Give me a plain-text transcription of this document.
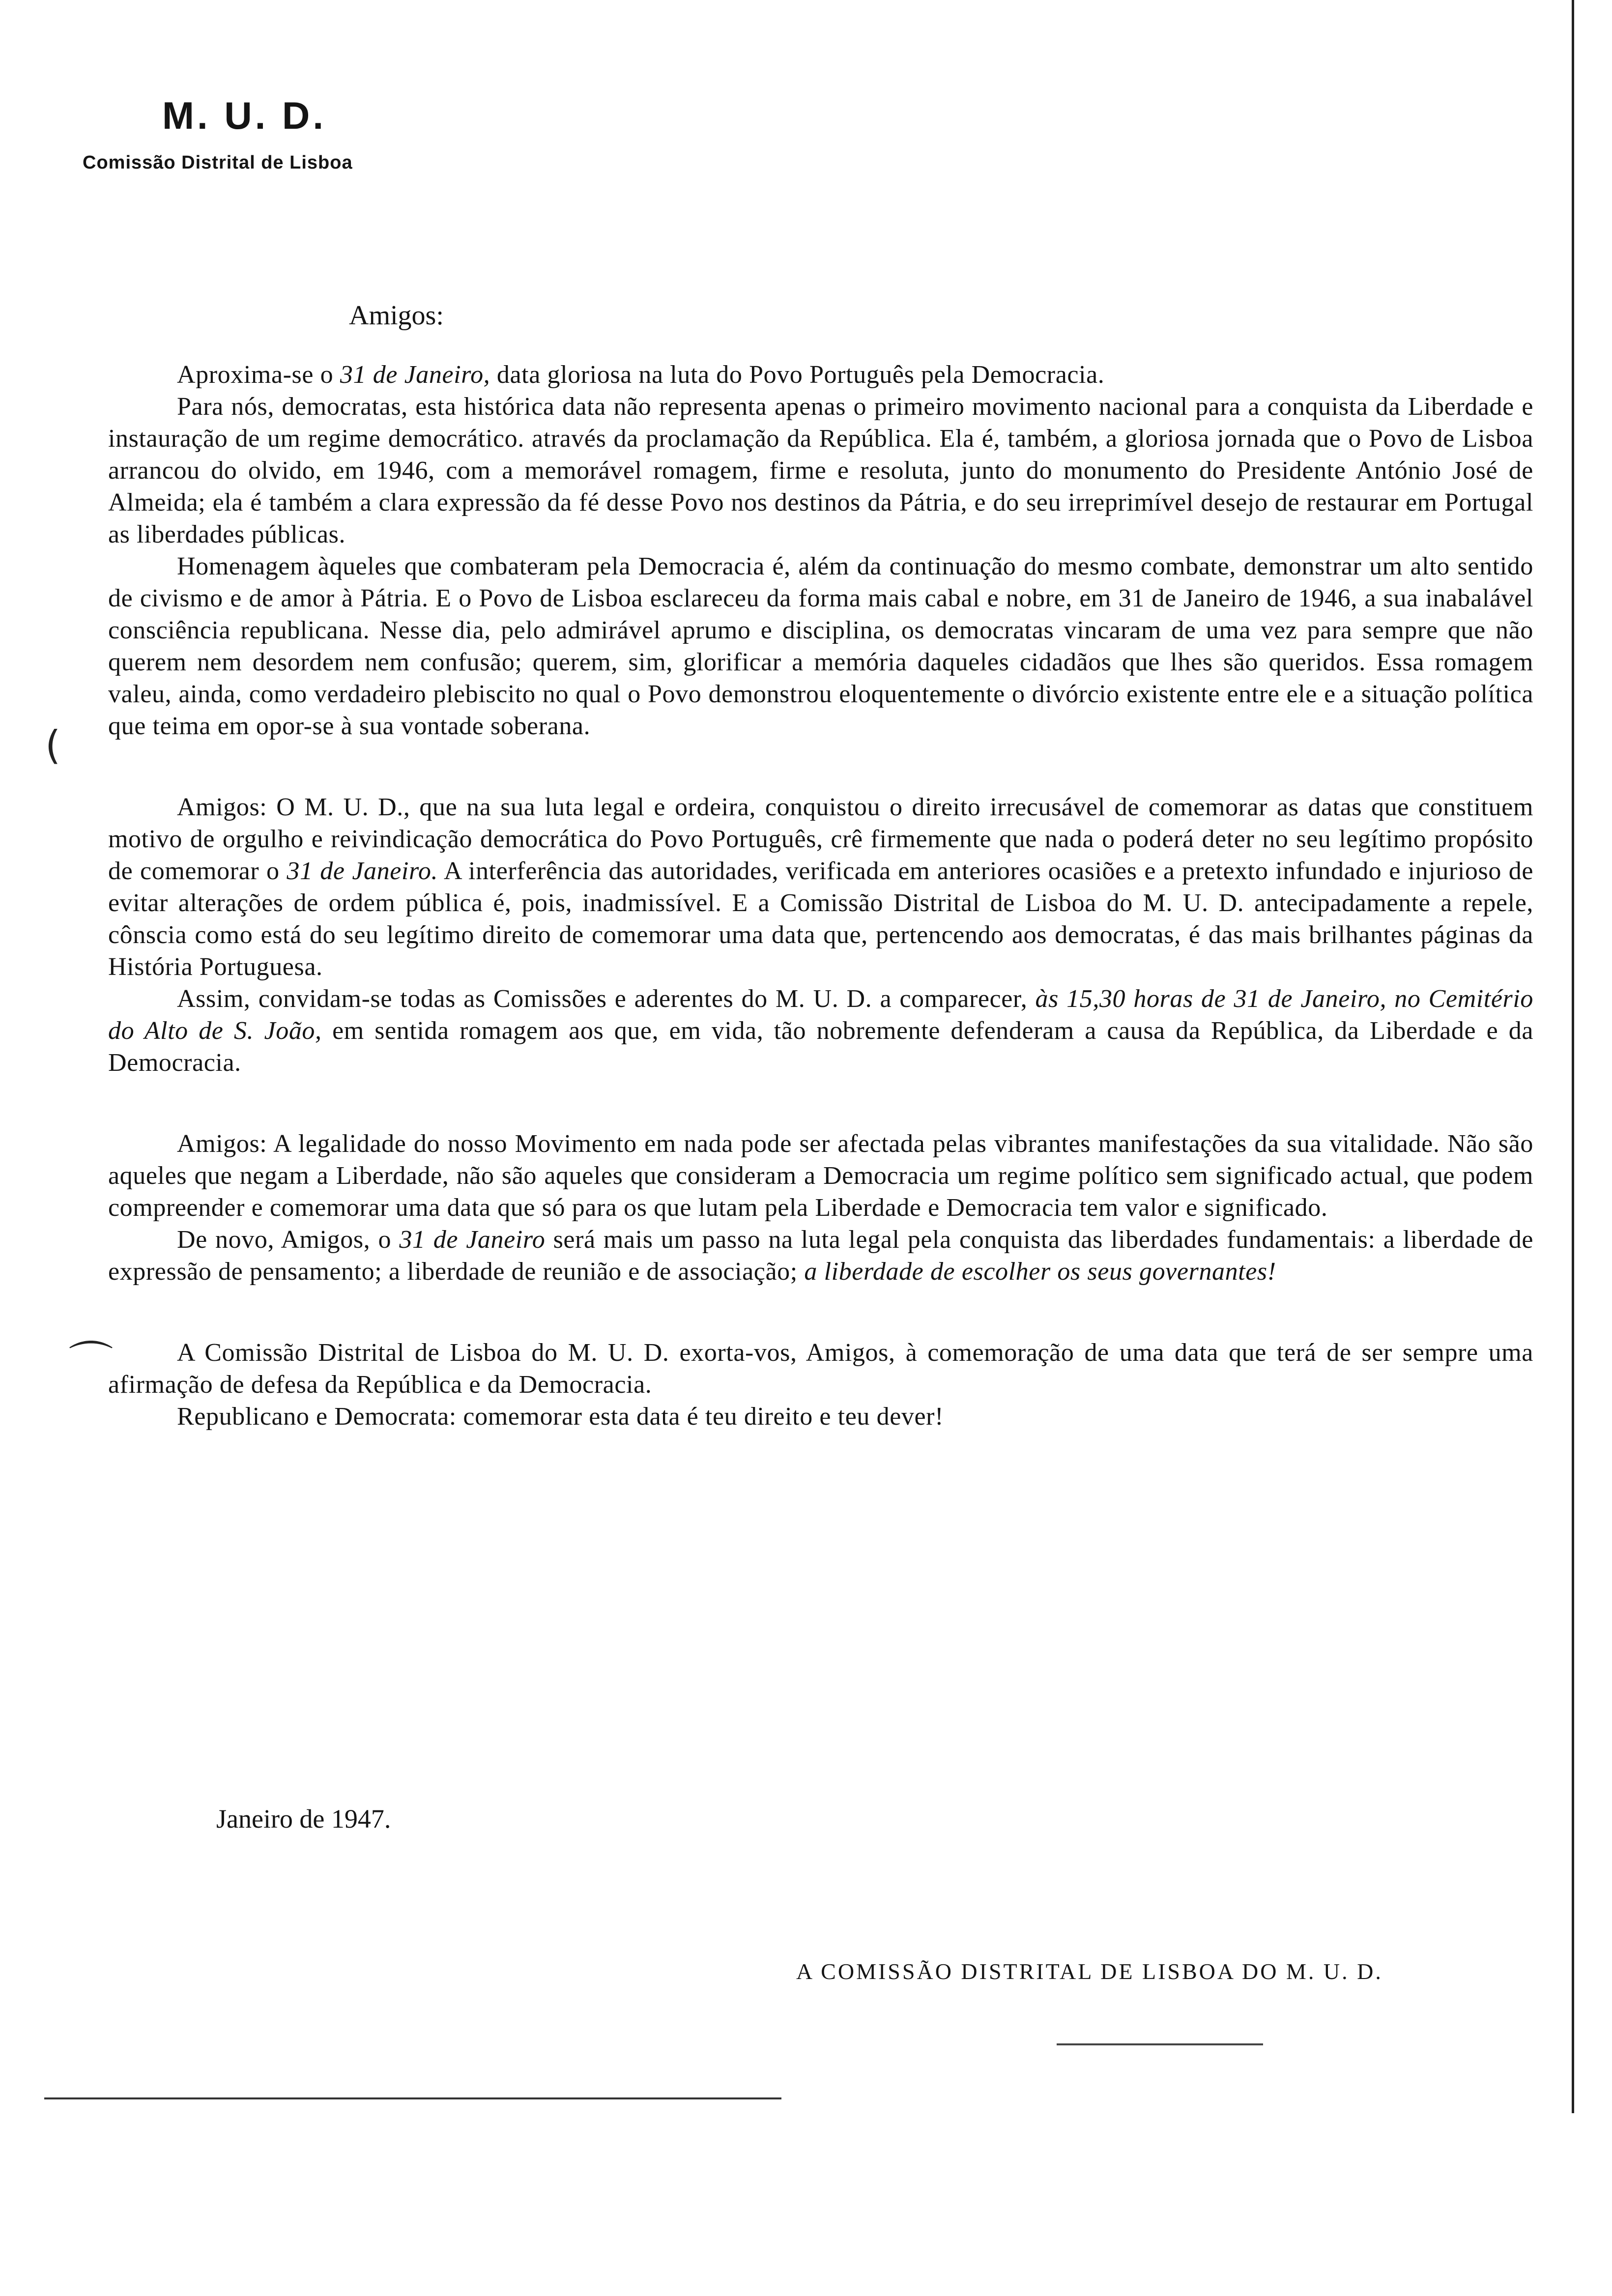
M. U. D.
Comissão Distrital de Lisboa
Amigos:

Aproxima-se o 31 de Janeiro, data gloriosa na luta do Povo Português pela Democracia.

Para nós, democratas, esta histórica data não representa apenas o primeiro movimento nacional para a conquista da Liberdade e instauração de um regime democrático. através da proclamação da República. Ela é, também, a gloriosa jornada que o Povo de Lisboa arrancou do olvido, em 1946, com a memorável romagem, firme e resoluta, junto do monumento do Presidente António José de Almeida; ela é também a clara expressão da fé desse Povo nos destinos da Pátria, e do seu irreprimível desejo de restaurar em Portugal as liberdades públicas.

Homenagem àqueles que combateram pela Democracia é, além da continuação do mesmo combate, demonstrar um alto sentido de civismo e de amor à Pátria. E o Povo de Lisboa esclareceu da forma mais cabal e nobre, em 31 de Janeiro de 1946, a sua inabalável consciência republicana. Nesse dia, pelo admirável aprumo e disciplina, os democratas vincaram de uma vez para sempre que não querem nem desordem nem confusão; querem, sim, glorificar a memória daqueles cidadãos que lhes são queridos. Essa romagem valeu, ainda, como verdadeiro plebiscito no qual o Povo demonstrou eloquentemente o divórcio existente entre ele e a situação política que teima em opor-se à sua vontade soberana.

Amigos: O M. U. D., que na sua luta legal e ordeira, conquistou o direito irrecusável de comemorar as datas que constituem motivo de orgulho e reivindicação democrática do Povo Português, crê firmemente que nada o poderá deter no seu legítimo propósito de comemorar o 31 de Janeiro. A interferência das autoridades, verificada em anteriores ocasiões e a pretexto infundado e injurioso de evitar alterações de ordem pública é, pois, inadmissível. E a Comissão Distrital de Lisboa do M. U. D. antecipadamente a repele, cônscia como está do seu legítimo direito de comemorar uma data que, pertencendo aos democratas, é das mais brilhantes páginas da História Portuguesa.

Assim, convidam-se todas as Comissões e aderentes do M. U. D. a comparecer, às 15,30 horas de 31 de Janeiro, no Cemitério do Alto de S. João, em sentida romagem aos que, em vida, tão nobremente defenderam a causa da República, da Liberdade e da Democracia.

Amigos: A legalidade do nosso Movimento em nada pode ser afectada pelas vibrantes manifestações da sua vitalidade. Não são aqueles que negam a Liberdade, não são aqueles que consideram a Democracia um regime político sem significado actual, que podem compreender e comemorar uma data que só para os que lutam pela Liberdade e Democracia tem valor e significado.

De novo, Amigos, o 31 de Janeiro será mais um passo na luta legal pela conquista das liberdades fundamentais: a liberdade de expressão de pensamento; a liberdade de reunião e de associação; a liberdade de escolher os seus governantes!

A Comissão Distrital de Lisboa do M. U. D. exorta-vos, Amigos, à comemoração de uma data que terá de ser sempre uma afirmação de defesa da República e da Democracia.

Republicano e Democrata: comemorar esta data é teu direito e teu dever!

Janeiro de 1947.
A COMISSÃO DISTRITAL DE LISBOA DO M. U. D.
(
⌒
